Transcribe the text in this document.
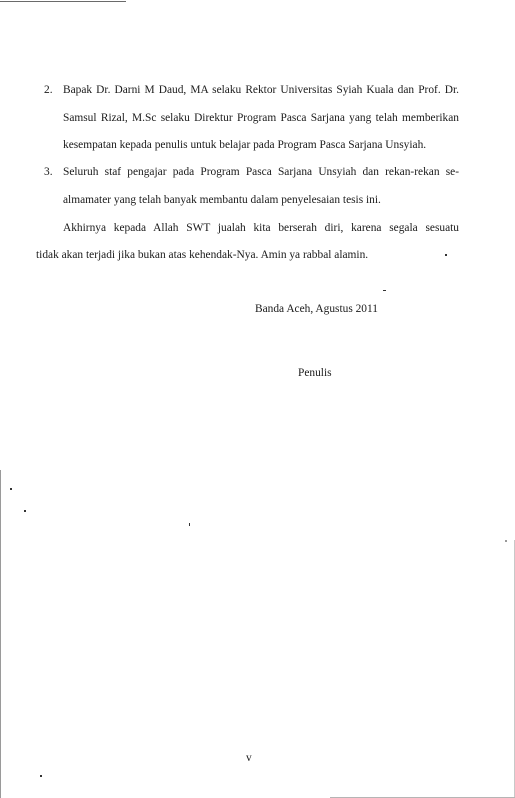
2. Bapak Dr. Darni M Daud, MA selaku Rektor Universitas Syiah Kuala dan Prof. Dr.
Samsul Rizal, M.Sc selaku Direktur Program Pasca Sarjana yang telah memberikan
kesempatan kepada penulis untuk belajar pada Program Pasca Sarjana Unsyiah.
3. Seluruh staf pengajar pada Program Pasca Sarjana Unsyiah dan rekan-rekan se-
almamater yang telah banyak membantu dalam penyelesaian tesis ini.
Akhirnya kepada Allah SWT jualah kita berserah diri, karena segala sesuatu
tidak akan terjadi jika bukan atas kehendak-Nya. Amin ya rabbal alamin.
Banda Aceh, Agustus 2011
Penulis
v
